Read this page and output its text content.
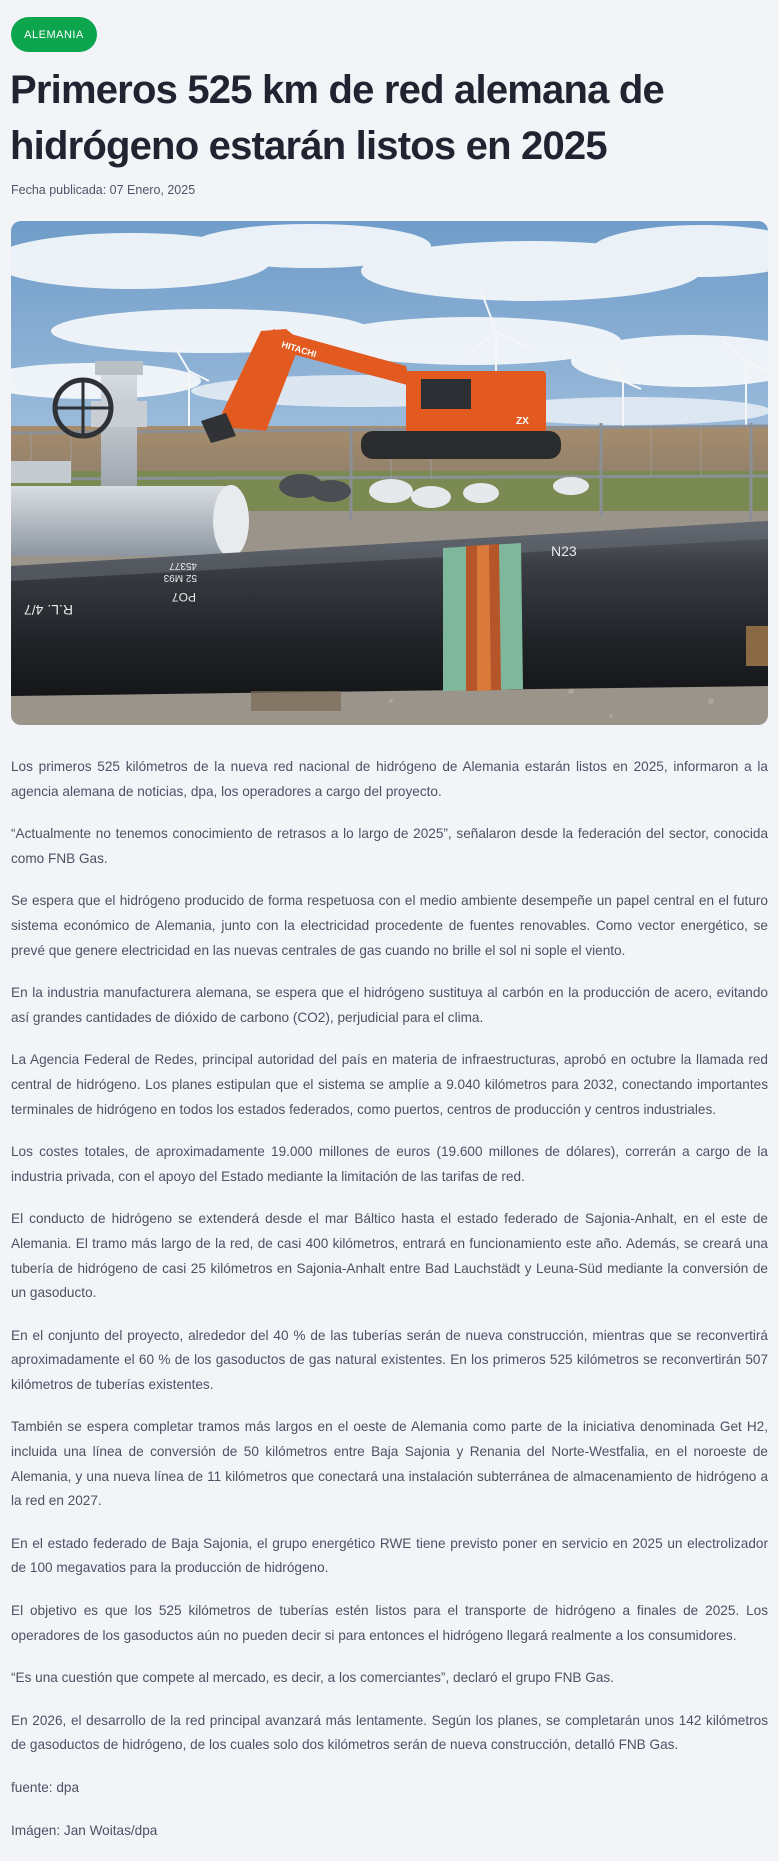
ALEMANIA
Primeros 525 km de red alemana de hidrógeno estarán listos en 2025
Fecha publicada: 07 Enero, 2025
HITACHI
ZX
N23
PO7
R.L. 4/7
52 M93
45377

Los primeros 525 kilómetros de la nueva red nacional de hidrógeno de Alemania estarán listos en 2025, informaron a la agencia alemana de noticias, dpa, los operadores a cargo del proyecto.

“Actualmente no tenemos conocimiento de retrasos a lo largo de 2025”, señalaron desde la federación del sector, conocida como FNB Gas.

Se espera que el hidrógeno producido de forma respetuosa con el medio ambiente desempeñe un papel central en el futuro sistema económico de Alemania, junto con la electricidad procedente de fuentes renovables. Como vector energético, se prevé que genere electricidad en las nuevas centrales de gas cuando no brille el sol ni sople el viento.

En la industria manufacturera alemana, se espera que el hidrógeno sustituya al carbón en la producción de acero, evitando así grandes cantidades de dióxido de carbono (CO2), perjudicial para el clima.

La Agencia Federal de Redes, principal autoridad del país en materia de infraestructuras, aprobó en octubre la llamada red central de hidrógeno. Los planes estipulan que el sistema se amplíe a 9.040 kilómetros para 2032, conectando importantes terminales de hidrógeno en todos los estados federados, como puertos, centros de producción y centros industriales.

Los costes totales, de aproximadamente 19.000 millones de euros (19.600 millones de dólares), correrán a cargo de la industria privada, con el apoyo del Estado mediante la limitación de las tarifas de red.

El conducto de hidrógeno se extenderá desde el mar Báltico hasta el estado federado de Sajonia-Anhalt, en el este de Alemania. El tramo más largo de la red, de casi 400 kilómetros, entrará en funcionamiento este año. Además, se creará una tubería de hidrógeno de casi 25 kilómetros en Sajonia-Anhalt entre Bad Lauchstädt y Leuna-Süd mediante la conversión de un gasoducto.

En el conjunto del proyecto, alrededor del 40 % de las tuberías serán de nueva construcción, mientras que se reconvertirá aproximadamente el 60 % de los gasoductos de gas natural existentes. En los primeros 525 kilómetros se reconvertirán 507 kilómetros de tuberías existentes.

También se espera completar tramos más largos en el oeste de Alemania como parte de la iniciativa denominada Get H2, incluida una línea de conversión de 50 kilómetros entre Baja Sajonia y Renania del Norte-Westfalia, en el noroeste de Alemania, y una nueva línea de 11 kilómetros que conectará una instalación subterránea de almacenamiento de hidrógeno a la red en 2027.

En el estado federado de Baja Sajonia, el grupo energético RWE tiene previsto poner en servicio en 2025 un electrolizador de 100 megavatios para la producción de hidrógeno.

El objetivo es que los 525 kilómetros de tuberías estén listos para el transporte de hidrógeno a finales de 2025. Los operadores de los gasoductos aún no pueden decir si para entonces el hidrógeno llegará realmente a los consumidores.

“Es una cuestión que compete al mercado, es decir, a los comerciantes”, declaró el grupo FNB Gas.

En 2026, el desarrollo de la red principal avanzará más lentamente. Según los planes, se completarán unos 142 kilómetros de gasoductos de hidrógeno, de los cuales solo dos kilómetros serán de nueva construcción, detalló FNB Gas.

fuente: dpa

Imágen: Jan Woitas/dpa
